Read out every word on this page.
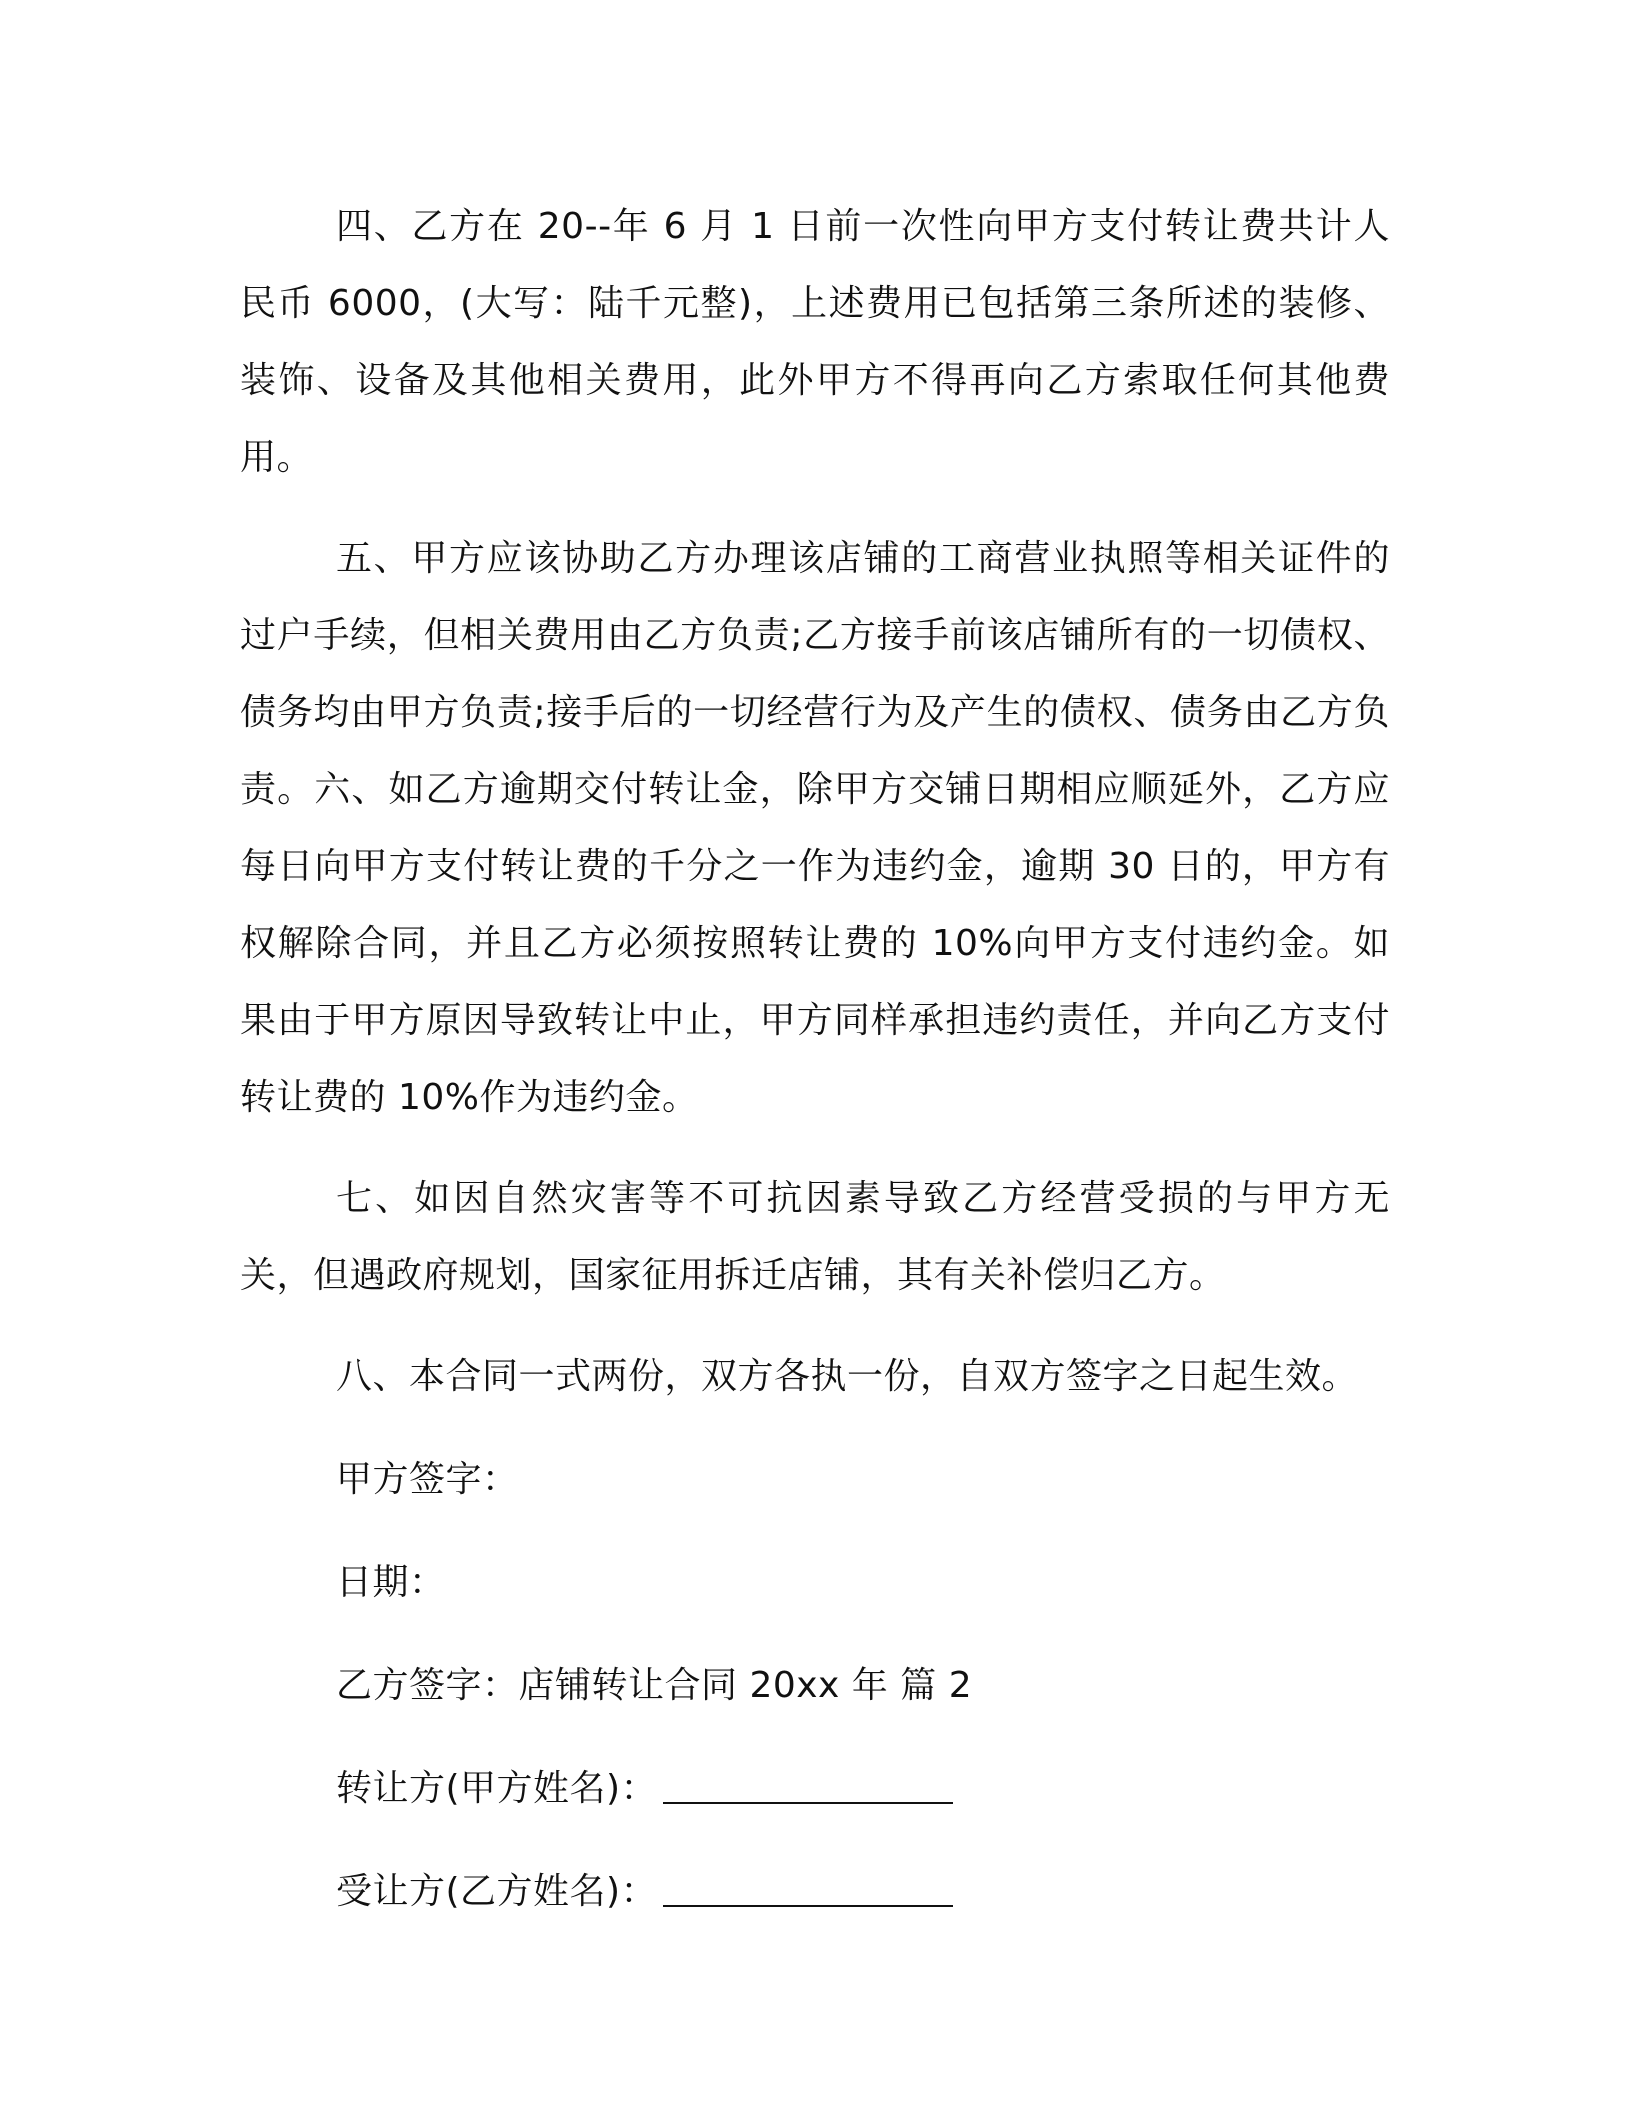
四、乙方在 20--年 6 月 1 日前一次性向甲方支付转让费共计人民币 6000，(大写：陆千元整)，上述费用已包括第三条所述的装修、装饰、设备及其他相关费用，此外甲方不得再向乙方索取任何其他费用。

五、甲方应该协助乙方办理该店铺的工商营业执照等相关证件的过户手续，但相关费用由乙方负责;乙方接手前该店铺所有的一切债权、债务均由甲方负责;接手后的一切经营行为及产生的债权、债务由乙方负责。六、如乙方逾期交付转让金，除甲方交铺日期相应顺延外，乙方应每日向甲方支付转让费的千分之一作为违约金，逾期 30 日的，甲方有权解除合同，并且乙方必须按照转让费的 10%向甲方支付违约金。如果由于甲方原因导致转让中止，甲方同样承担违约责任，并向乙方支付转让费的 10%作为违约金。

七、如因自然灾害等不可抗因素导致乙方经营受损的与甲方无关，但遇政府规划，国家征用拆迁店铺，其有关补偿归乙方。

八、本合同一式两份，双方各执一份，自双方签字之日起生效。
甲方签字：
日期：
乙方签字：店铺转让合同 20xx 年 篇 2
转让方(甲方姓名)：
受让方(乙方姓名)：
